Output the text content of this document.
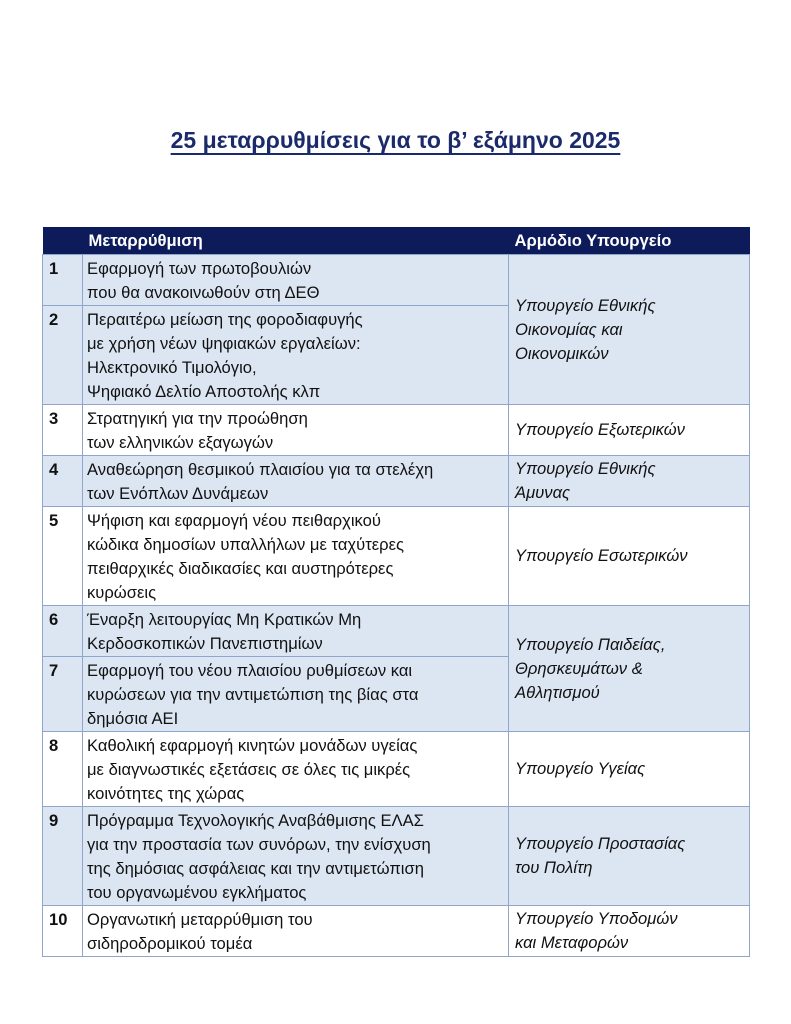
25 μεταρρυθμίσεις για το β’ εξάμηνο 2025
	Μεταρρύθμιση	Αρμόδιο Υπουργείο
1	Εφαρμογή των πρωτοβουλιών
που θα ανακοινωθούν στη ΔΕΘ	Υπουργείο Εθνικής
Οικονομίας και
Οικονομικών

2	Περαιτέρω μείωση της φοροδιαφυγής
με χρήση νέων ψηφιακών εργαλείων:
Ηλεκτρονικό Τιμολόγιο,
Ψηφιακό Δελτίο Αποστολής κλπ	

3	Στρατηγική για την προώθηση
των ελληνικών εξαγωγών	Υπουργείο Εξωτερικών

4	Αναθεώρηση θεσμικού πλαισίου για τα στελέχη
των Ενόπλων Δυνάμεων	Υπουργείο Εθνικής
Άμυνας

5	Ψήφιση και εφαρμογή νέου πειθαρχικού
κώδικα δημοσίων υπαλλήλων με ταχύτερες
πειθαρχικές διαδικασίες και αυστηρότερες
κυρώσεις	Υπουργείο Εσωτερικών

6	Έναρξη λειτουργίας Μη Κρατικών Μη
Κερδοσκοπικών Πανεπιστημίων	Υπουργείο Παιδείας,
Θρησκευμάτων &
Αθλητισμού

7	Εφαρμογή του νέου πλαισίου ρυθμίσεων και
κυρώσεων για την αντιμετώπιση της βίας στα
δημόσια ΑΕΙ	

8	Καθολική εφαρμογή κινητών μονάδων υγείας
με διαγνωστικές εξετάσεις σε όλες τις μικρές
κοινότητες της χώρας	Υπουργείο Υγείας

9	Πρόγραμμα Τεχνολογικής Αναβάθμισης ΕΛΑΣ
για την προστασία των συνόρων, την ενίσχυση
της δημόσιας ασφάλειας και την αντιμετώπιση
του οργανωμένου εγκλήματος	Υπουργείο Προστασίας
του Πολίτη

10	Οργανωτική μεταρρύθμιση του
σιδηροδρομικού τομέα	Υπουργείο Υποδομών
και Μεταφορών
